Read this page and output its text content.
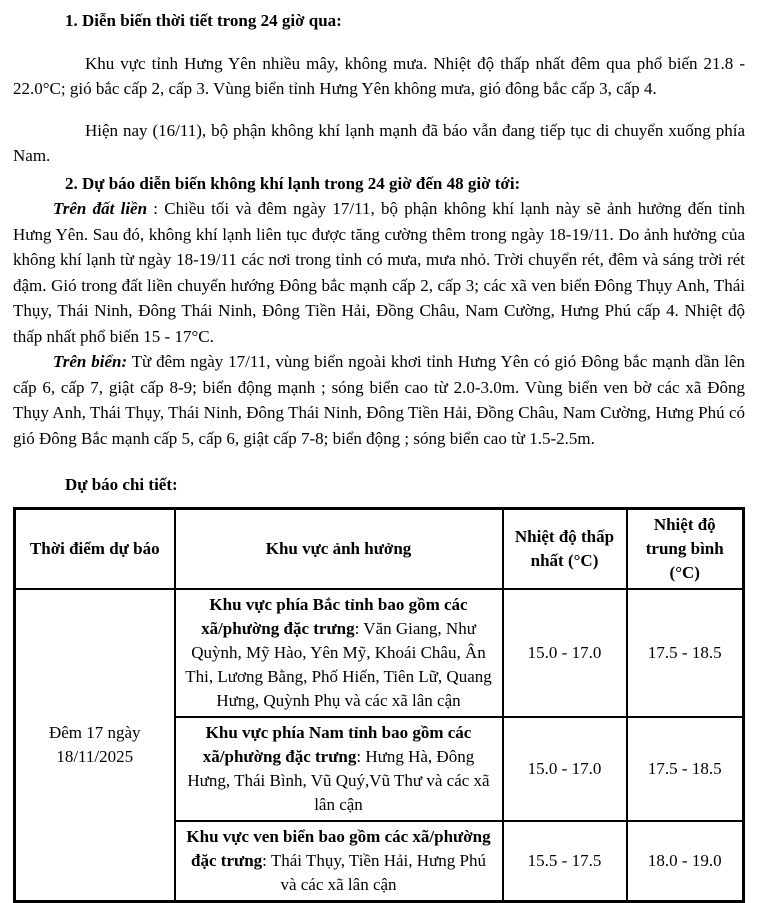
1. Diễn biến thời tiết trong 24 giờ qua:

Khu vực tỉnh Hưng Yên nhiều mây, không mưa. Nhiệt độ thấp nhất đêm qua phổ biến 21.8 - 22.0°C; gió bắc cấp 2, cấp 3. Vùng biển tỉnh Hưng Yên không mưa, gió đông bắc cấp 3, cấp 4.

Hiện nay (16/11), bộ phận không khí lạnh mạnh đã báo vẫn đang tiếp tục di chuyển xuống phía Nam.

2. Dự báo diễn biến không khí lạnh trong 24 giờ đến 48 giờ tới:

Trên đất liền : Chiều tối và đêm ngày 17/11, bộ phận không khí lạnh này sẽ ảnh hưởng đến tỉnh Hưng Yên. Sau đó, không khí lạnh liên tục được tăng cường thêm trong ngày 18-19/11. Do ảnh hưởng của không khí lạnh từ ngày 18-19/11 các nơi trong tỉnh có mưa, mưa nhỏ. Trời chuyển rét, đêm và sáng trời rét đậm. Gió trong đất liền chuyển hướng Đông bắc mạnh cấp 2, cấp 3; các xã ven biển Đông Thụy Anh, Thái Thụy, Thái Ninh, Đông Thái Ninh, Đông Tiền Hải, Đồng Châu, Nam Cường, Hưng Phú cấp 4. Nhiệt độ thấp nhất phổ biến 15 - 17°C.

Trên biển: Từ đêm ngày 17/11, vùng biển ngoài khơi tỉnh Hưng Yên có gió Đông bắc mạnh dần lên cấp 6, cấp 7, giật cấp 8-9; biển động mạnh ; sóng biển cao từ 2.0-3.0m. Vùng biển ven bờ các xã Đông Thụy Anh, Thái Thụy, Thái Ninh, Đông Thái Ninh, Đông Tiền Hải, Đồng Châu, Nam Cường, Hưng Phú có gió Đông Bắc mạnh cấp 5, cấp 6, giật cấp 7-8; biển động ; sóng biển cao từ 1.5-2.5m.

Dự báo chi tiết:

Thời điểm dự báo	Khu vực ảnh hưởng	Nhiệt độ thấp nhất (°C)	Nhiệt độ trung bình (°C)
Đêm 17 ngày 18/11/2025	Khu vực phía Bắc tỉnh bao gồm các xã/phường đặc trưng: Văn Giang, Như Quỳnh, Mỹ Hào, Yên Mỹ, Khoái Châu, Ân Thi, Lương Bằng, Phố Hiến, Tiên Lữ, Quang Hưng, Quỳnh Phụ và các xã lân cận	15.0 - 17.0	17.5 - 18.5
	Khu vực phía Nam tỉnh bao gồm các xã/phường đặc trưng: Hưng Hà, Đông Hưng, Thái Bình, Vũ Quý,Vũ Thư và các xã lân cận	15.0 - 17.0	17.5 - 18.5
	Khu vực ven biển bao gồm các xã/phường đặc trưng: Thái Thụy, Tiền Hải, Hưng Phú và các xã lân cận	15.5 - 17.5	18.0 - 19.0
